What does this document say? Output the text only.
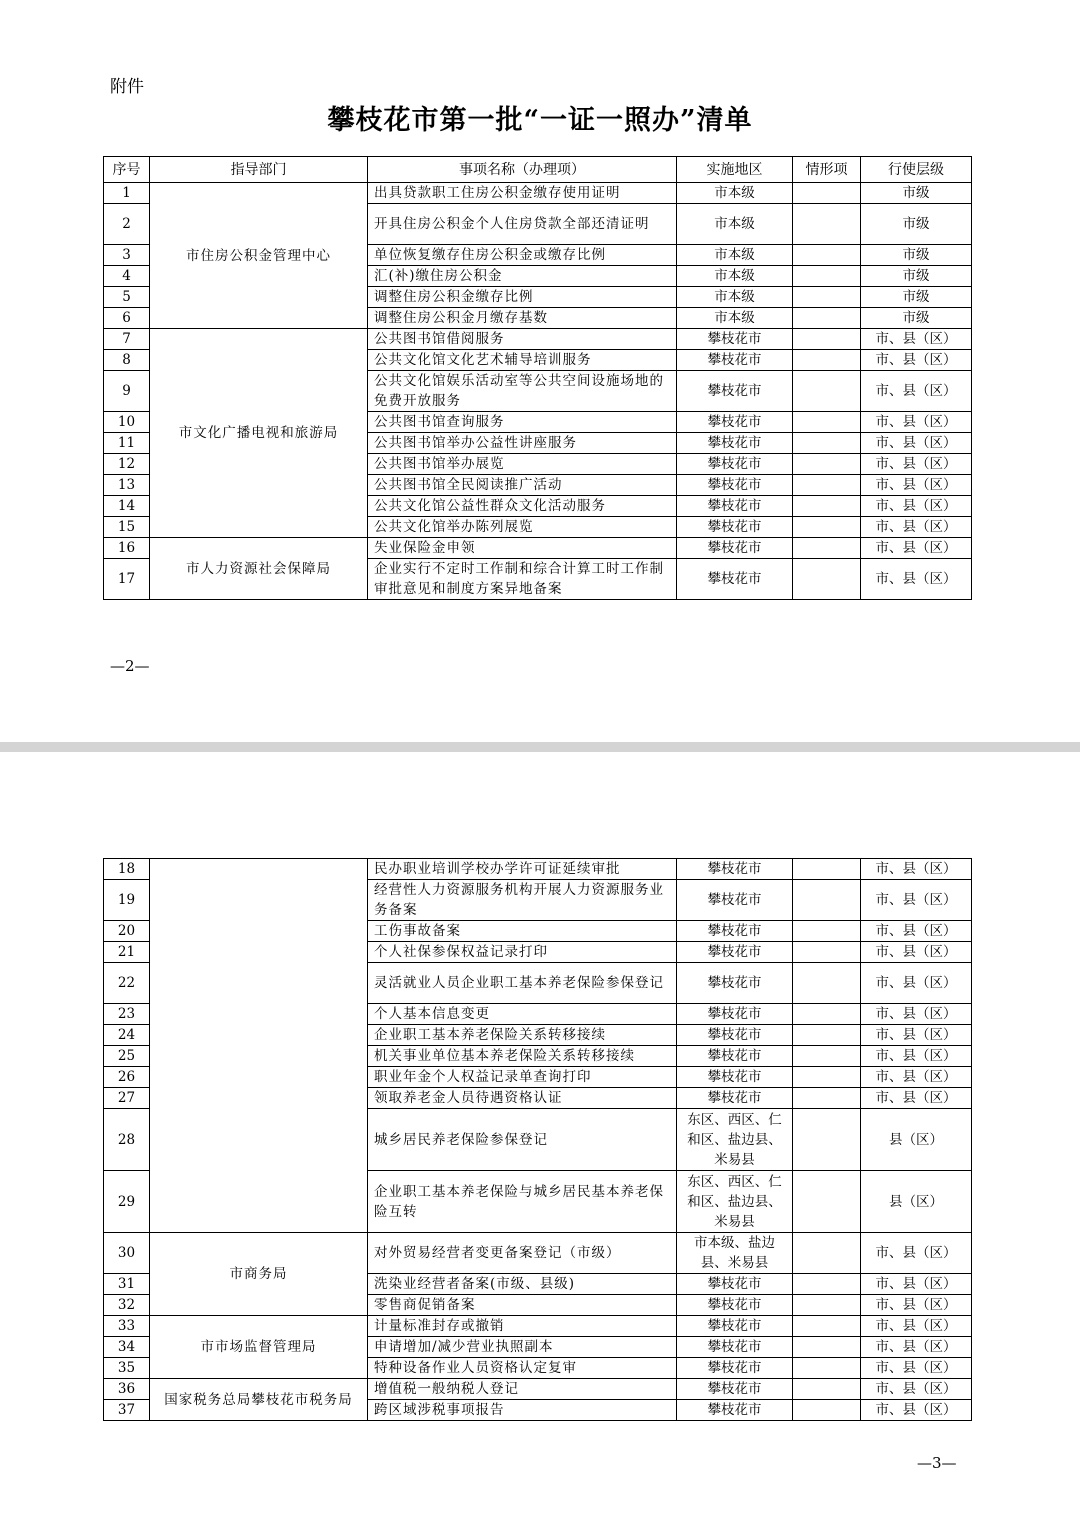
附件
攀枝花市第一批“一证一照办”清单
序号	指导部门	事项名称（办理项）	实施地区	情形项	行使层级
1	市住房公积金管理中心	出具贷款职工住房公积金缴存使用证明	市本级		市级
2		开具住房公积金个人住房贷款全部还清证明	市本级		市级
3		单位恢复缴存住房公积金或缴存比例	市本级		市级
4		汇(补)缴住房公积金	市本级		市级
5		调整住房公积金缴存比例	市本级		市级
6		调整住房公积金月缴存基数	市本级		市级
7	市文化广播电视和旅游局	公共图书馆借阅服务	攀枝花市		市、县（区）
8		公共文化馆文化艺术辅导培训服务	攀枝花市		市、县（区）
9		公共文化馆娱乐活动室等公共空间设施场地的免费开放服务	攀枝花市		市、县（区）
10		公共图书馆查询服务	攀枝花市		市、县（区）
11		公共图书馆举办公益性讲座服务	攀枝花市		市、县（区）
12		公共图书馆举办展览	攀枝花市		市、县（区）
13		公共图书馆全民阅读推广活动	攀枝花市		市、县（区）
14		公共文化馆公益性群众文化活动服务	攀枝花市		市、县（区）
15		公共文化馆举办陈列展览	攀枝花市		市、县（区）
16	市人力资源社会保障局	失业保险金申领	攀枝花市		市、县（区）
17		企业实行不定时工作制和综合计算工时工作制审批意见和制度方案异地备案	攀枝花市		市、县（区）
—2—
18		民办职业培训学校办学许可证延续审批	攀枝花市		市、县（区）
19		经营性人力资源服务机构开展人力资源服务业务备案	攀枝花市		市、县（区）
20		工伤事故备案	攀枝花市		市、县（区）
21		个人社保参保权益记录打印	攀枝花市		市、县（区）
22		灵活就业人员企业职工基本养老保险参保登记	攀枝花市		市、县（区）
23		个人基本信息变更	攀枝花市		市、县（区）
24		企业职工基本养老保险关系转移接续	攀枝花市		市、县（区）
25		机关事业单位基本养老保险关系转移接续	攀枝花市		市、县（区）
26		职业年金个人权益记录单查询打印	攀枝花市		市、县（区）
27		领取养老金人员待遇资格认证	攀枝花市		市、县（区）
28		城乡居民养老保险参保登记	东区、西区、仁和区、盐边县、米易县		县（区）
29		企业职工基本养老保险与城乡居民基本养老保险互转	东区、西区、仁和区、盐边县、米易县		县（区）
30	市商务局	对外贸易经营者变更备案登记（市级）	市本级、盐边县、米易县		市、县（区）
31		洗染业经营者备案(市级、县级)	攀枝花市		市、县（区）
32		零售商促销备案	攀枝花市		市、县（区）
33	市市场监督管理局	计量标准封存或撤销	攀枝花市		市、县（区）
34		申请增加/减少营业执照副本	攀枝花市		市、县（区）
35		特种设备作业人员资格认定复审	攀枝花市		市、县（区）
36	国家税务总局攀枝花市税务局	增值税一般纳税人登记	攀枝花市		市、县（区）
37		跨区域涉税事项报告	攀枝花市		市、县（区）
—3—
